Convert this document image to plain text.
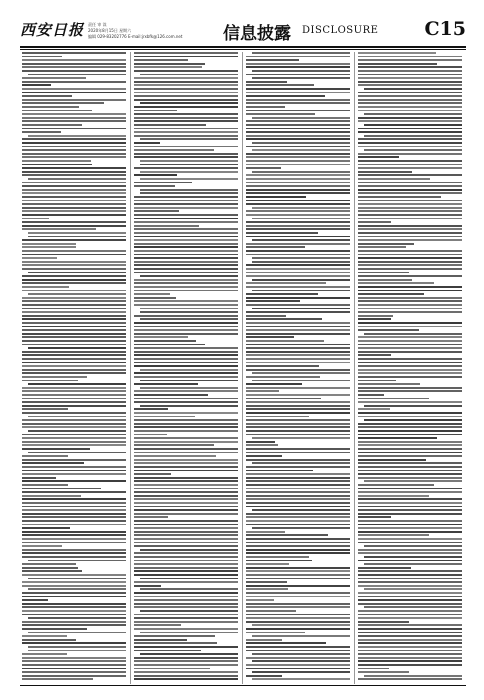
西安日报 责任 审 读
2020年8月15日 星期六
编辑 029-83202776 E-mail:jrxbfk@126.com.net 信息披露 DISCLOSURE C15
